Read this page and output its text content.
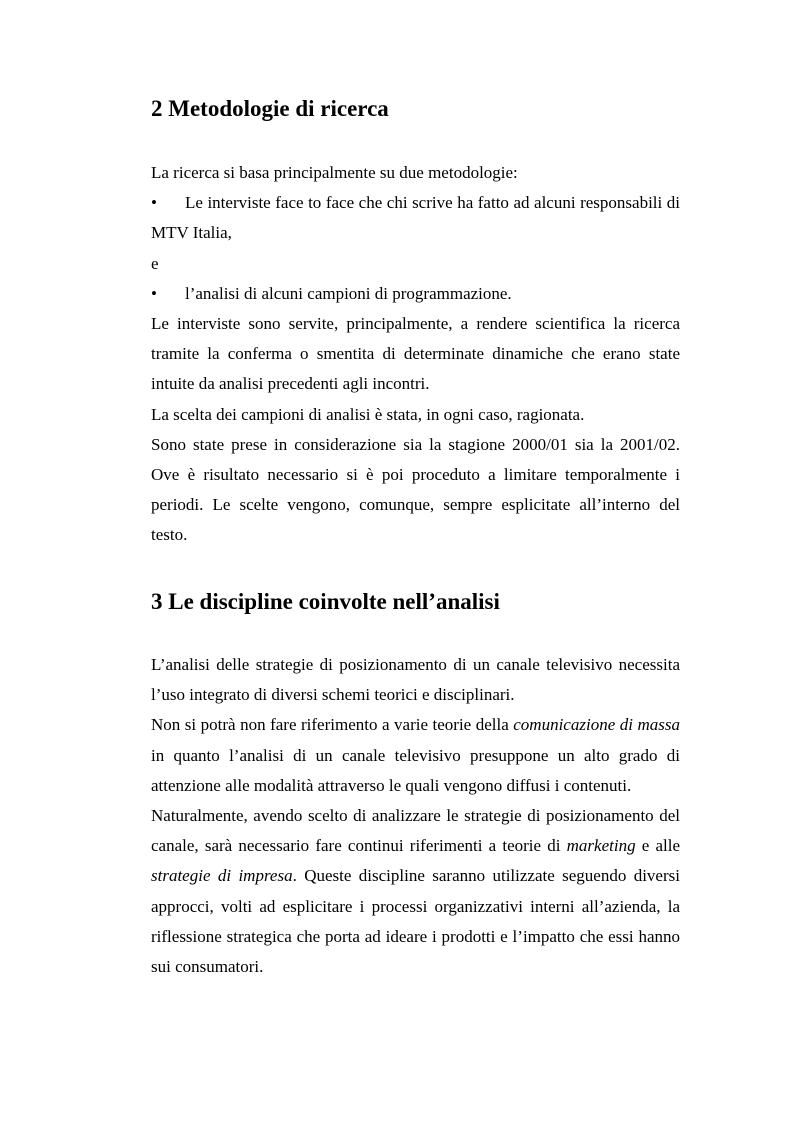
2 Metodologie di ricerca

La ricerca si basa principalmente su due metodologie:

•	Le interviste face to face che chi scrive ha fatto ad alcuni responsabili di MTV Italia,

e

•	l’analisi di alcuni campioni di programmazione.

Le interviste sono servite, principalmente, a rendere scientifica la ricerca tramite la conferma o smentita di determinate dinamiche che erano state intuite da analisi precedenti agli incontri.

La scelta dei campioni di analisi è stata, in ogni caso, ragionata.

Sono state prese in considerazione sia la stagione 2000/01 sia la 2001/02. Ove è risultato necessario si è poi proceduto a limitare temporalmente i periodi. Le scelte vengono, comunque, sempre esplicitate all’interno del testo.

3 Le discipline coinvolte nell’analisi

L’analisi delle strategie di posizionamento di un canale televisivo necessita l’uso integrato di diversi schemi teorici e disciplinari.

Non si potrà non fare riferimento a varie teorie della comunicazione di massa in quanto l’analisi di un canale televisivo presuppone un alto grado di attenzione alle modalità attraverso le quali vengono diffusi i contenuti.

Naturalmente, avendo scelto di analizzare le strategie di posizionamento del canale, sarà necessario fare continui riferimenti a teorie di marketing e alle strategie di impresa. Queste discipline saranno utilizzate seguendo diversi approcci, volti ad esplicitare i processi organizzativi interni all’azienda, la riflessione strategica che porta ad ideare i prodotti e l’impatto che essi hanno sui consumatori.
